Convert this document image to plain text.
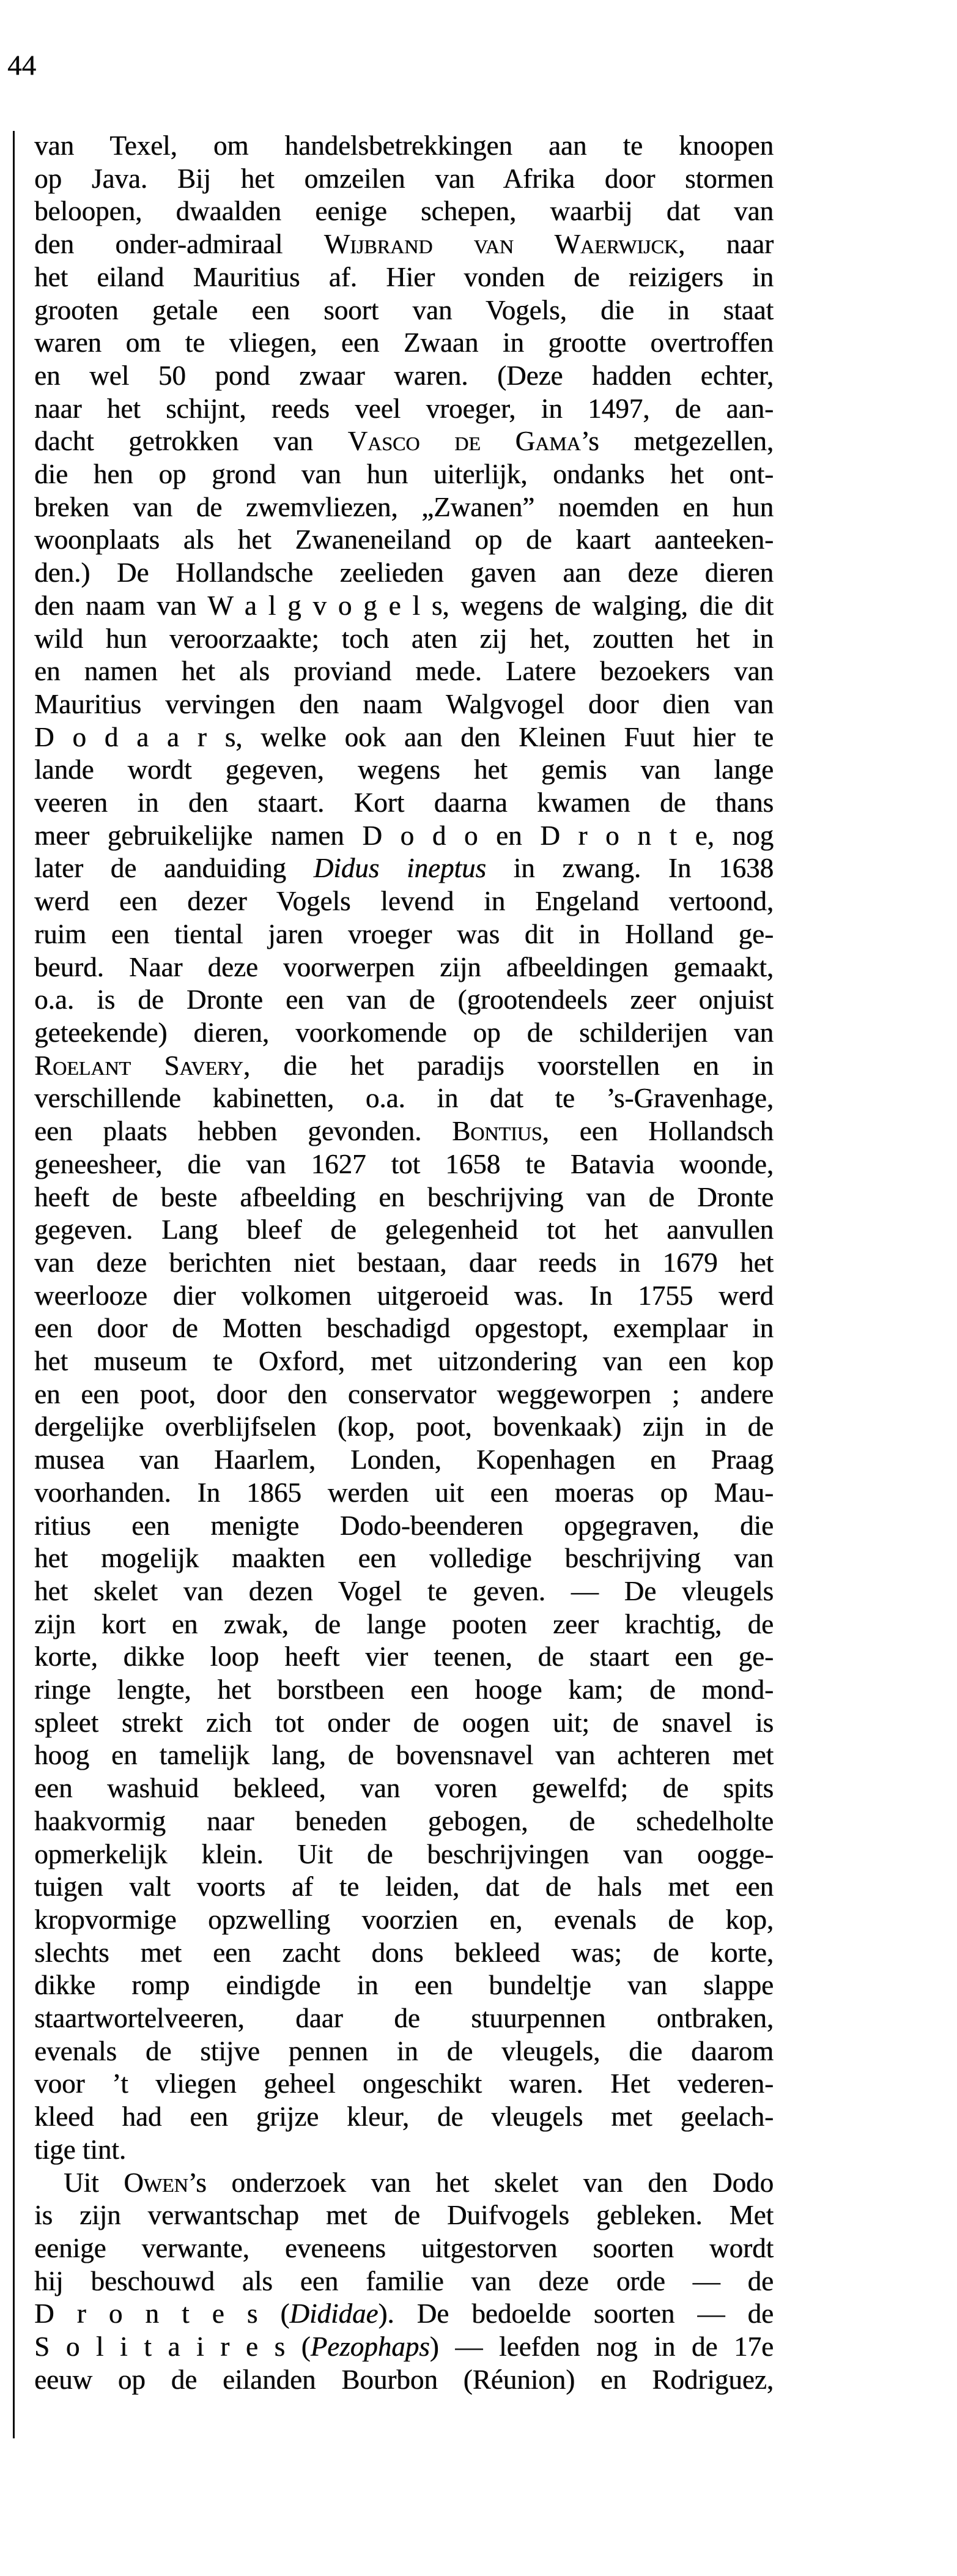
44
van Texel, om handelsbetrekkingen aan te knoopen
op Java. Bij het omzeilen van Afrika door stormen
beloopen, dwaalden eenige schepen, waarbij dat van
den onder-admiraal Wijbrand van Waerwijck, naar
het eiland Mauritius af. Hier vonden de reizigers in
grooten getale een soort van Vogels, die in staat
waren om te vliegen, een Zwaan in grootte overtroffen
en wel 50 pond zwaar waren. (Deze hadden echter,
naar het schijnt, reeds veel vroeger, in 1497, de aan-
dacht getrokken van Vasco de Gama’s metgezellen,
die hen op grond van hun uiterlijk, ondanks het ont-
breken van de zwemvliezen, „Zwanen” noemden en hun
woonplaats als het Zwaneneiland op de kaart aanteeken-
den.) De Hollandsche zeelieden gaven aan deze dieren
den naam van W a l g v o g e l s, wegens de walging, die dit
wild hun veroorzaakte; toch aten zij het, zoutten het in
en namen het als proviand mede. Latere bezoekers van
Mauritius vervingen den naam Walgvogel door dien van
D o d a a r s, welke ook aan den Kleinen Fuut hier te
lande wordt gegeven, wegens het gemis van lange
veeren in den staart. Kort daarna kwamen de thans
meer gebruikelijke namen D o d o en D r o n t e, nog
later de aanduiding Didus ineptus in zwang. In 1638
werd een dezer Vogels levend in Engeland vertoond,
ruim een tiental jaren vroeger was dit in Holland ge-
beurd. Naar deze voorwerpen zijn afbeeldingen gemaakt,
o.a. is de Dronte een van de (grootendeels zeer onjuist
geteekende) dieren, voorkomende op de schilderijen van
Roelant Savery, die het paradijs voorstellen en in
verschillende kabinetten, o.a. in dat te ’s-Gravenhage,
een plaats hebben gevonden. Bontius, een Hollandsch
geneesheer, die van 1627 tot 1658 te Batavia woonde,
heeft de beste afbeelding en beschrijving van de Dronte
gegeven. Lang bleef de gelegenheid tot het aanvullen
van deze berichten niet bestaan, daar reeds in 1679 het
weerlooze dier volkomen uitgeroeid was. In 1755 werd
een door de Motten beschadigd opgestopt, exemplaar in
het museum te Oxford, met uitzondering van een kop
en een poot, door den conservator weggeworpen ; andere
dergelijke overblijfselen (kop, poot, bovenkaak) zijn in de
musea van Haarlem, Londen, Kopenhagen en Praag
voorhanden. In 1865 werden uit een moeras op Mau-
ritius een menigte Dodo-beenderen opgegraven, die
het mogelijk maakten een volledige beschrijving van
het skelet van dezen Vogel te geven. — De vleugels
zijn kort en zwak, de lange pooten zeer krachtig, de
korte, dikke loop heeft vier teenen, de staart een ge-
ringe lengte, het borstbeen een hooge kam; de mond-
spleet strekt zich tot onder de oogen uit; de snavel is
hoog en tamelijk lang, de bovensnavel van achteren met
een washuid bekleed, van voren gewelfd; de spits
haakvormig naar beneden gebogen, de schedelholte
opmerkelijk klein. Uit de beschrijvingen van oogge-
tuigen valt voorts af te leiden, dat de hals met een
kropvormige opzwelling voorzien en, evenals de kop,
slechts met een zacht dons bekleed was; de korte,
dikke romp eindigde in een bundeltje van slappe
staartwortelveeren, daar de stuurpennen ontbraken,
evenals de stijve pennen in de vleugels, die daarom
voor ’t vliegen geheel ongeschikt waren. Het vederen-
kleed had een grijze kleur, de vleugels met geelach-
tige tint.
Uit Owen’s onderzoek van het skelet van den Dodo
is zijn verwantschap met de Duifvogels gebleken. Met
eenige verwante, eveneens uitgestorven soorten wordt
hij beschouwd als een familie van deze orde — de
D r o n t e s (Dididae). De bedoelde soorten — de
S o l i t a i r e s (Pezophaps) — leefden nog in de 17e
eeuw op de eilanden Bourbon (Réunion) en Rodriguez,
